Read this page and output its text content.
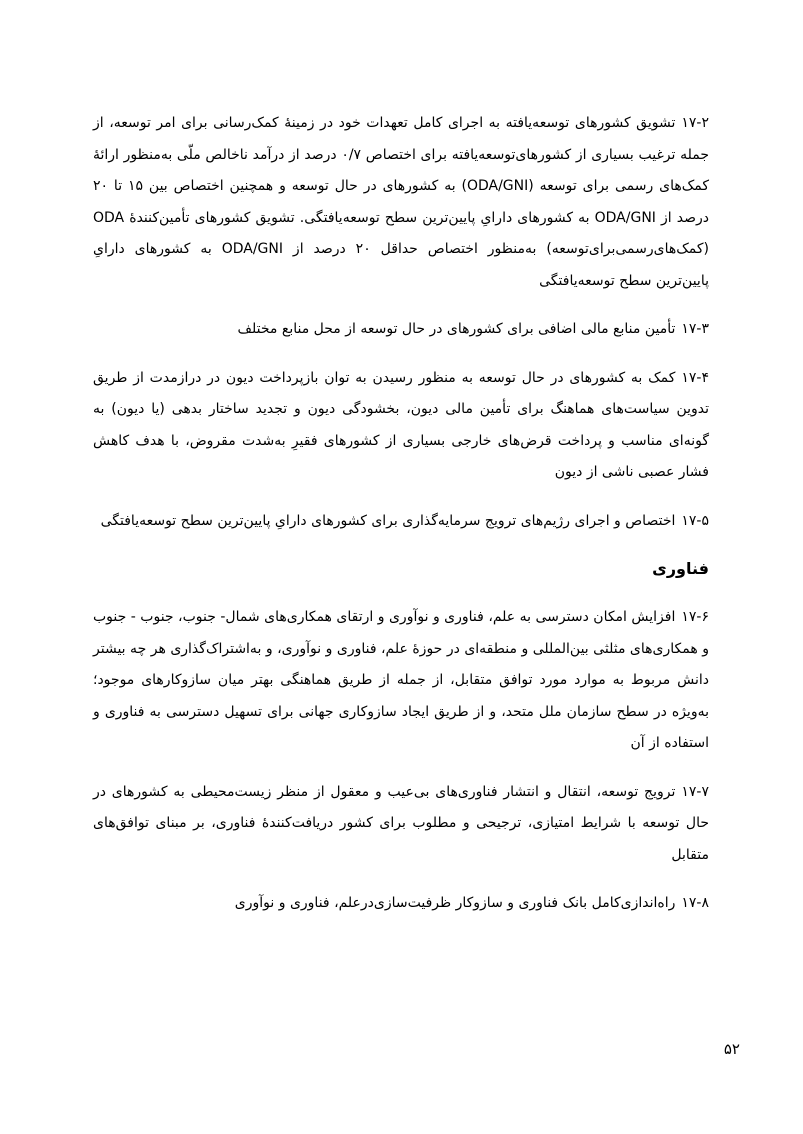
۱۷-۲تشویق کشورهای توسعه‌یافته به اجرای کامل تعهدات خود در زمینهٔ کمک‌رسانی برای امر توسعه، از جمله ترغیب بسیاری از کشورهای‌توسعه‌یافته برای اختصاص ۰/۷ درصد از درآمد ناخالص ملّی به‌منظور ارائهٔ کمک‌های رسمی برای توسعه (ODA/GNI) به کشورهای در حال توسعه و همچنین اختصاص بین ۱۵ تا ۲۰ درصد از ODA/GNI به کشورهای دارایِ پایین‌ترین سطح توسعه‌یافتگی. تشویق کشورهای تأمین‌کنندهٔ ODA (کمک‌های‌رسمی‌برای‌توسعه) به‌منظور اختصاص حداقل ۲۰ درصد از ODA/GNI به کشورهای دارایِ پایین‌ترین سطح توسعه‌یافتگی

۱۷-۳تأمین منابع مالی اضافی برای کشورهای در حال توسعه از محل منابع مختلف

۱۷-۴کمک به کشورهای در حال توسعه به منظور رسیدن به توان بازپرداخت دیون در درازمدت از طریق تدوین سیاست‌های هماهنگ برای تأمین مالی دیون، بخشودگی دیون و تجدید ساختار بدهی (یا دیون) به گونه‌ای مناسب و پرداخت قرض‌های خارجی بسیاری از کشورهای فقیرِ به‌شدت مقروض، با هدف کاهش فشار عصبی ناشی از دیون

۱۷-۵اختصاص و اجرای رژیم‌های ترویج سرمایه‌گذاری برای کشورهای دارایِ پایین‌ترین سطح توسعه‌یافتگی

فناوری

۱۷-۶افزایش امکان دسترسی به علم، فناوری و نوآوری و ارتقای همکاری‌های شمال- جنوب، جنوب - جنوب و همکاری‌های مثلثی بین‌المللی و منطقه‌ای در حوزهٔ علم، فناوری و نوآوری، و به‌اشتراک‌گذاری هر چه بیشتر دانش مربوط به موارد مورد توافق متقابل، از جمله از طریق هماهنگی بهتر میان سازوکارهای موجود؛ به‌ویژه در سطح سازمان ملل متحد، و از طریق ایجاد سازوکاری جهانی برای تسهیل دسترسی به فناوری و استفاده از آن

۱۷-۷ترویج توسعه، انتقال و انتشار فناوری‌های بی‌عیب و معقول از منظر زیست‌محیطی به کشورهای در حال توسعه با شرایط امتیازی، ترجیحی و مطلوب برای کشور دریافت‌کنندهٔ فناوری، بر مبنای توافق‌های متقابل

۱۷-۸راه‌اندازی‌کامل بانک فناوری و سازوکار ظرفیت‌سازی‌درعلم، فناوری و نوآوری

۵۲
